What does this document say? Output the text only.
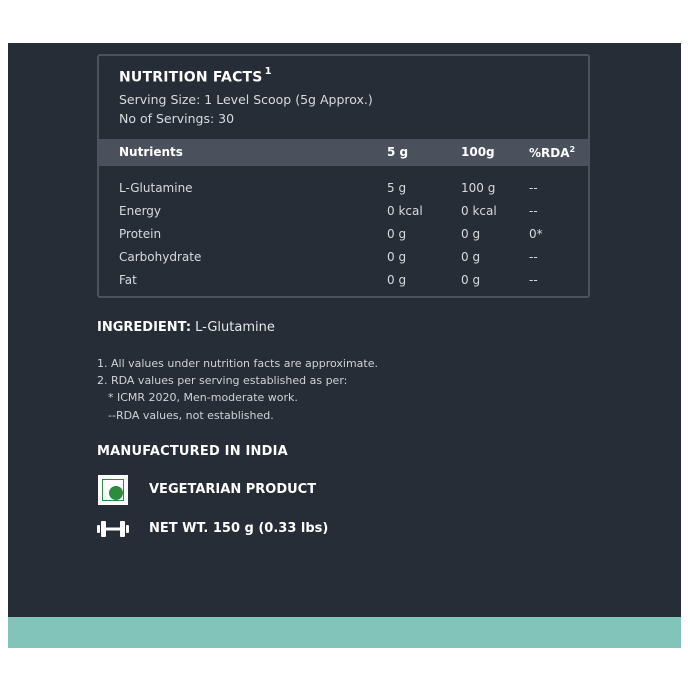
NUTRITION FACTS $^1$
Serving Size: 1 Level Scoop (5g Approx.)
No of Servings: 30
Nutrients	5 g	100g	%RDA$^2$
L-Glutamine	5 g	100 g	--
Energy	0 kcal	0 kcal	--
Protein	0 g	0 g	0*
Carbohydrate	0 g	0 g	--
Fat	0 g	0 g	--
INGREDIENT: L-Glutamine
1. All values under nutrition facts are approximate.
2. RDA values per serving established as per:
* ICMR 2020, Men-moderate work.
--RDA values, not established.
MANUFACTURED IN INDIA
VEGETARIAN PRODUCT
NET WT. 150 g (0.33 lbs)
